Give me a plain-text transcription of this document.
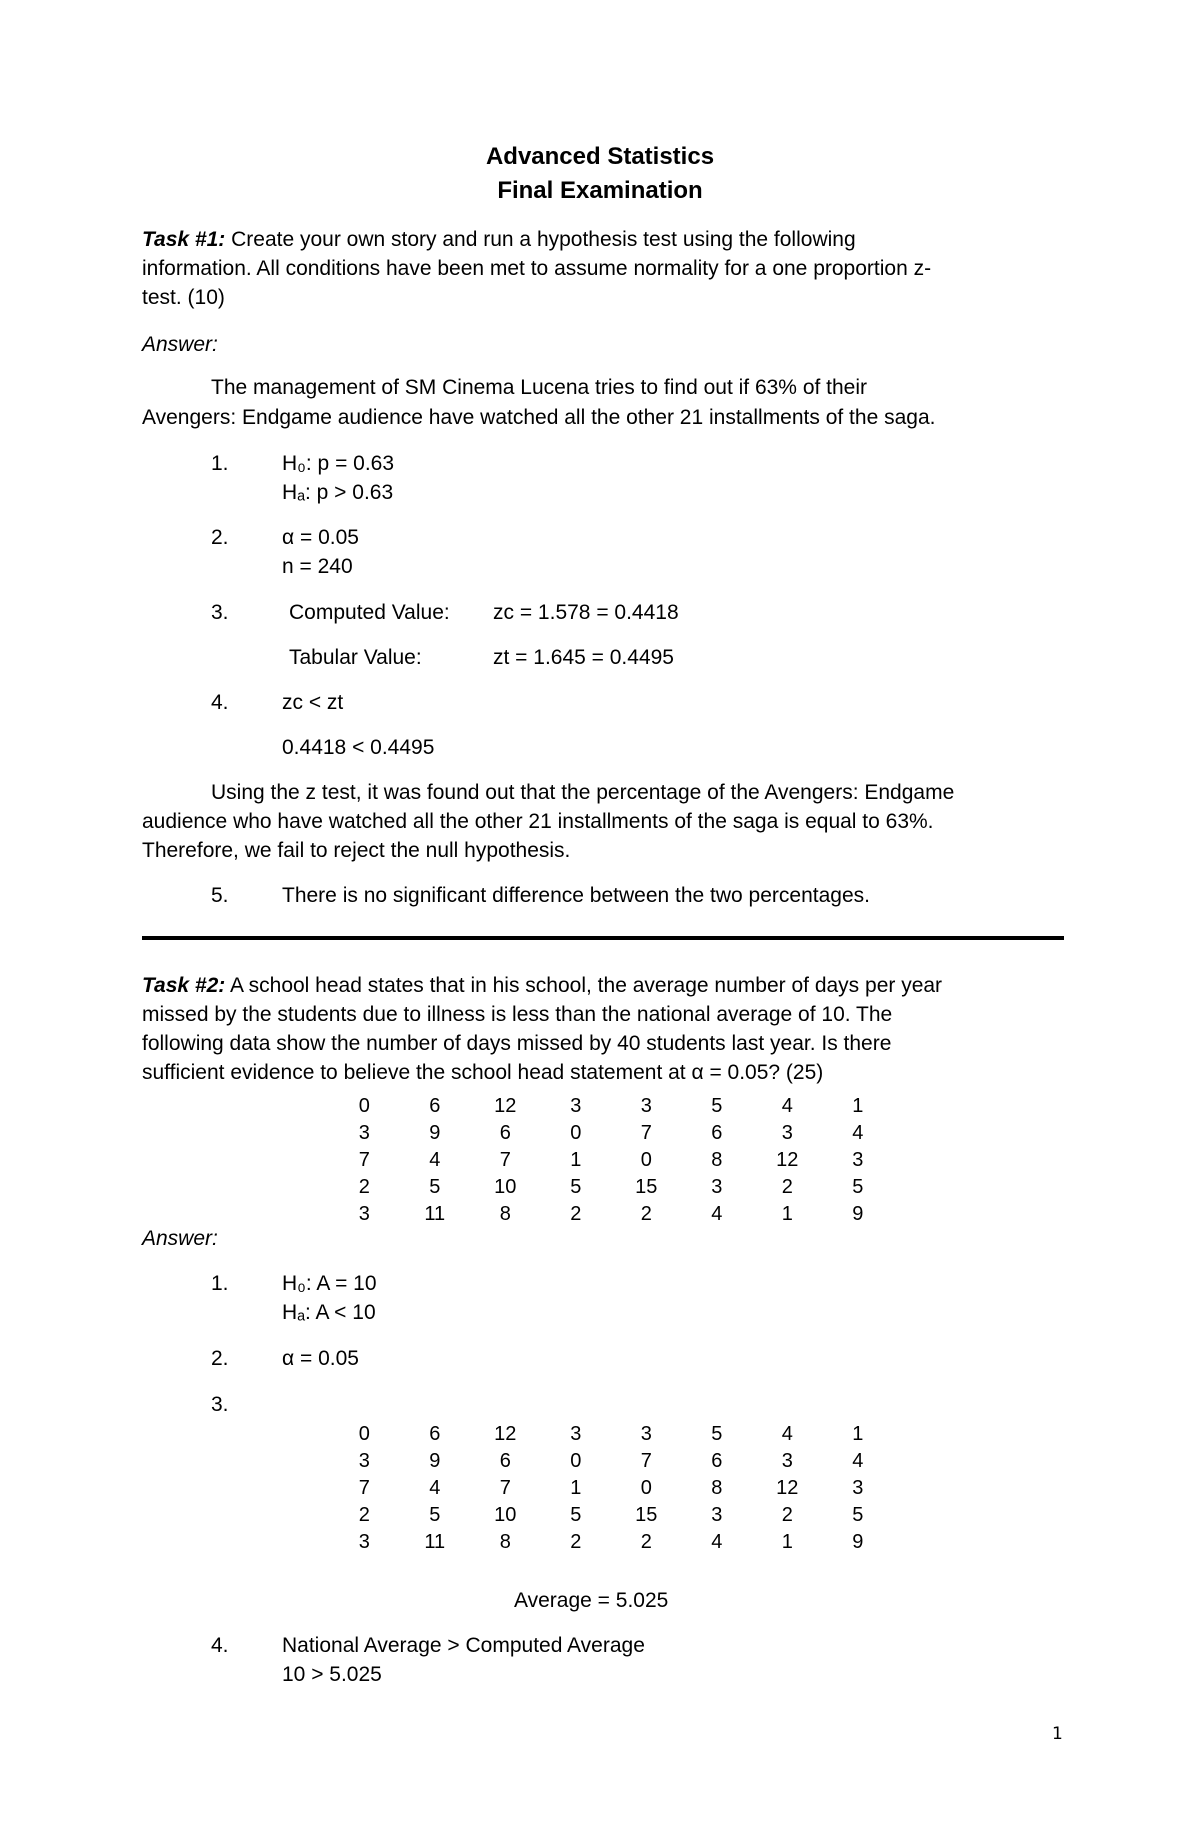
Advanced Statistics
Final Examination
Task #1: Create your own story and run a hypothesis test using the following
information. All conditions have been met to assume normality for a one proportion z-
test. (10)
Answer:
The management of SM Cinema Lucena tries to find out if 63% of their
Avengers: Endgame audience have watched all the other 21 installments of the saga.
1.	H₀: p = 0.63
Hₐ: p > 0.63
2.	α = 0.05
n = 240
3.	Computed Value: zc = 1.578 = 0.4418
Tabular Value:	zt = 1.645 = 0.4495
4.	zc < zt
0.4418 < 0.4495
Using the z test, it was found out that the percentage of the Avengers: Endgame
audience who have watched all the other 21 installments of the saga is equal to 63%.
Therefore, we fail to reject the null hypothesis.
5.	There is no significant difference between the two percentages.
Task #2: A school head states that in his school, the average number of days per year
missed by the students due to illness is less than the national average of 10. The
following data show the number of days missed by 40 students last year. Is there
sufficient evidence to believe the school head statement at α = 0.05? (25)
0	6	12	3	3	5	4	1
3	9	6	0	7	6	3	4
7	4	7	1	0	8	12	3
2	5	10	5	15	3	2	5
3	11	8	2	2	4	1	9
Answer:
1.	H₀: A = 10
Hₐ: A < 10
2.	α = 0.05
3.
0	6	12	3	3	5	4	1
3	9	6	0	7	6	3	4
7	4	7	1	0	8	12	3
2	5	10	5	15	3	2	5
3	11	8	2	2	4	1	9
Average = 5.025
4.	National Average > Computed Average
10 > 5.025
1
